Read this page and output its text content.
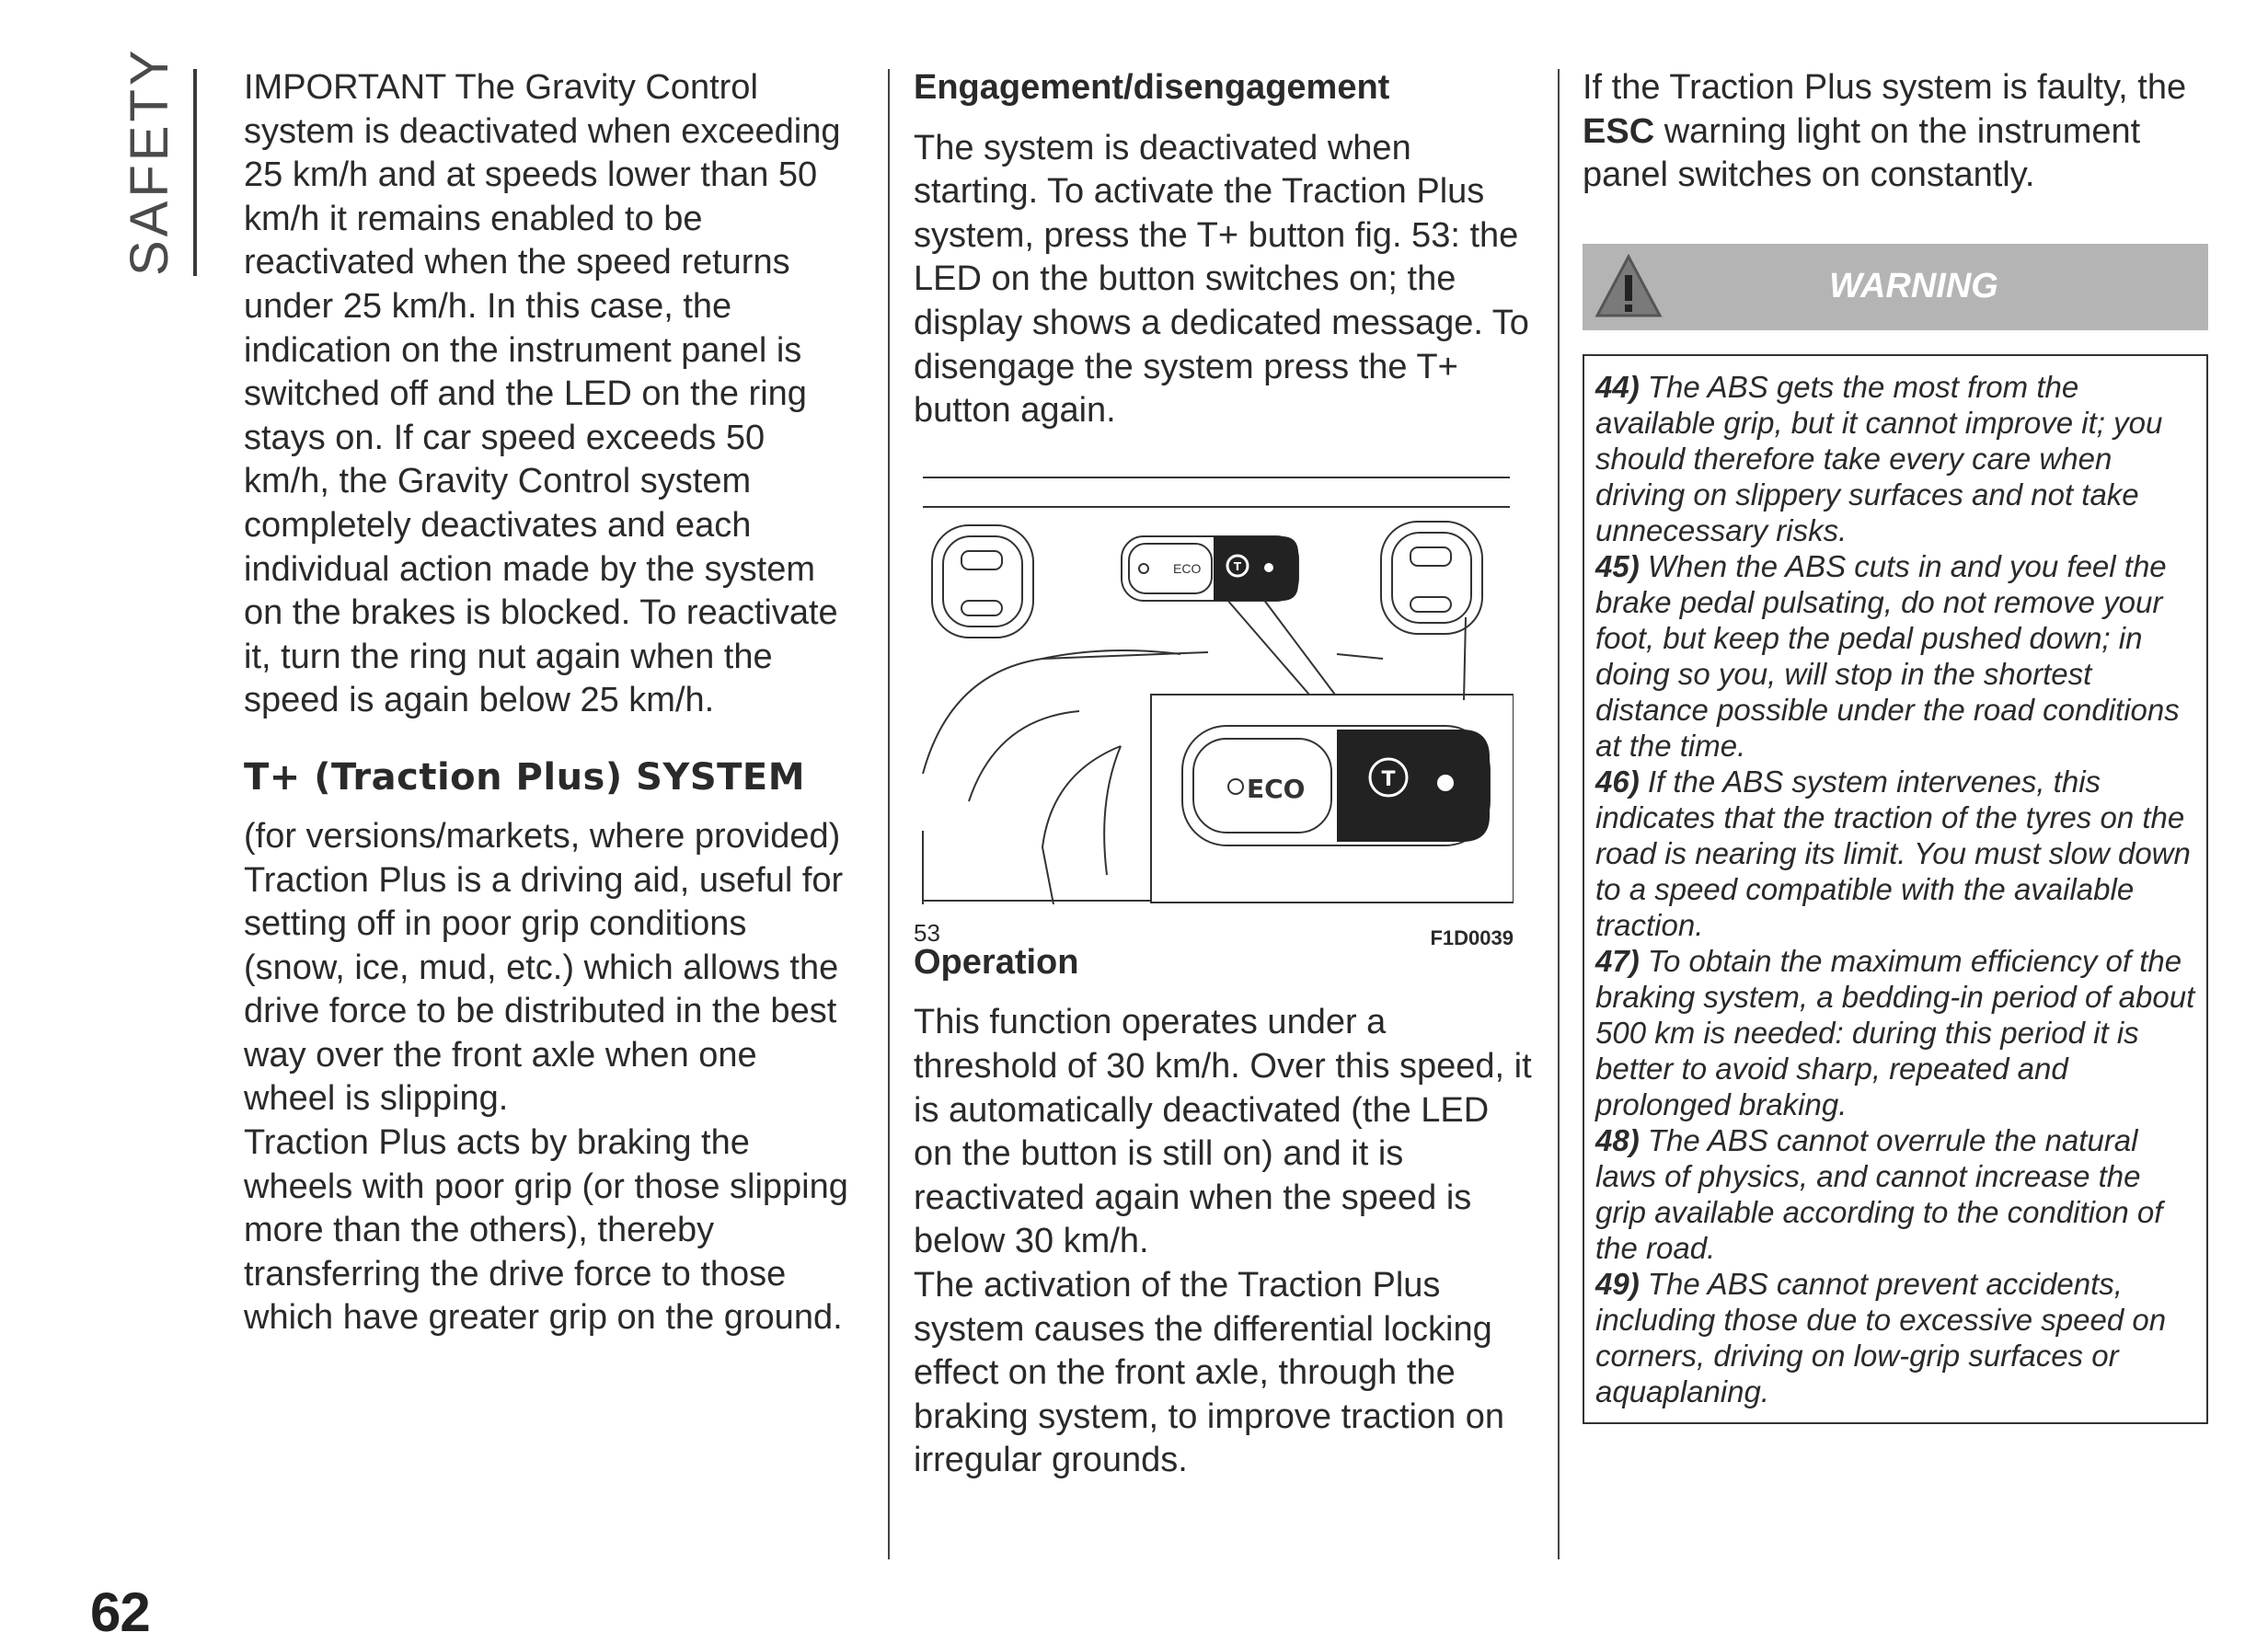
SAFETY IMPORTANT The Gravity Control system is deactivated when exceeding 25 km/h and at speeds lower than 50 km/h it remains enabled to be reactivated when the speed returns under 25 km/h. In this case, the indication on the instrument panel is switched off and the LED on the ring stays on. If car speed exceeds 50 km/h, the Gravity Control system completely deactivates and each individual action made by the system on the brakes is blocked. To reactivate it, turn the ring nut again when the speed is again below 25 km/h.

T+ (Traction Plus) SYSTEM

(for versions/markets, where provided) Traction Plus is a driving aid, useful for setting off in poor grip conditions (snow, ice, mud, etc.) which allows the drive force to be distributed in the best way over the front axle when one wheel is slipping.

Traction Plus acts by braking the wheels with poor grip (or those slipping more than the others), thereby transferring the drive force to those which have greater grip on the ground.

Engagement/disengagement

The system is deactivated when starting. To activate the Traction Plus system, press the T+ button fig. 53: the LED on the button switches on; the display shows a dedicated message. To disengage the system press the T+ button again.

T
T
ECO
ECO
53	F1D0039
Operation

This function operates under a threshold of 30 km/h. Over this speed, it is automatically deactivated (the LED on the button is still on) and it is reactivated again when the speed is below 30 km/h.

The activation of the Traction Plus system causes the differential locking effect on the front axle, through the braking system, to improve traction on irregular grounds.

If the Traction Plus system is faulty, the
ESC warning light on the instrument panel switches on constantly.

WARNING

44) The ABS gets the most from the available grip, but it cannot improve it; you should therefore take every care when driving on slippery surfaces and not take unnecessary risks.

45) When the ABS cuts in and you feel the brake pedal pulsating, do not remove your foot, but keep the pedal pushed down; in doing so you, will stop in the shortest distance possible under the road conditions at the time.

46) If the ABS system intervenes, this indicates that the traction of the tyres on the road is nearing its limit. You must slow down to a speed compatible with the available traction.

47) To obtain the maximum efficiency of the braking system, a bedding-in period of about 500 km is needed: during this period it is better to avoid sharp, repeated and prolonged braking.

48) The ABS cannot overrule the natural laws of physics, and cannot increase the grip available according to the condition of the road.

49) The ABS cannot prevent accidents, including those due to excessive speed on corners, driving on low-grip surfaces or aquaplaning.

62
